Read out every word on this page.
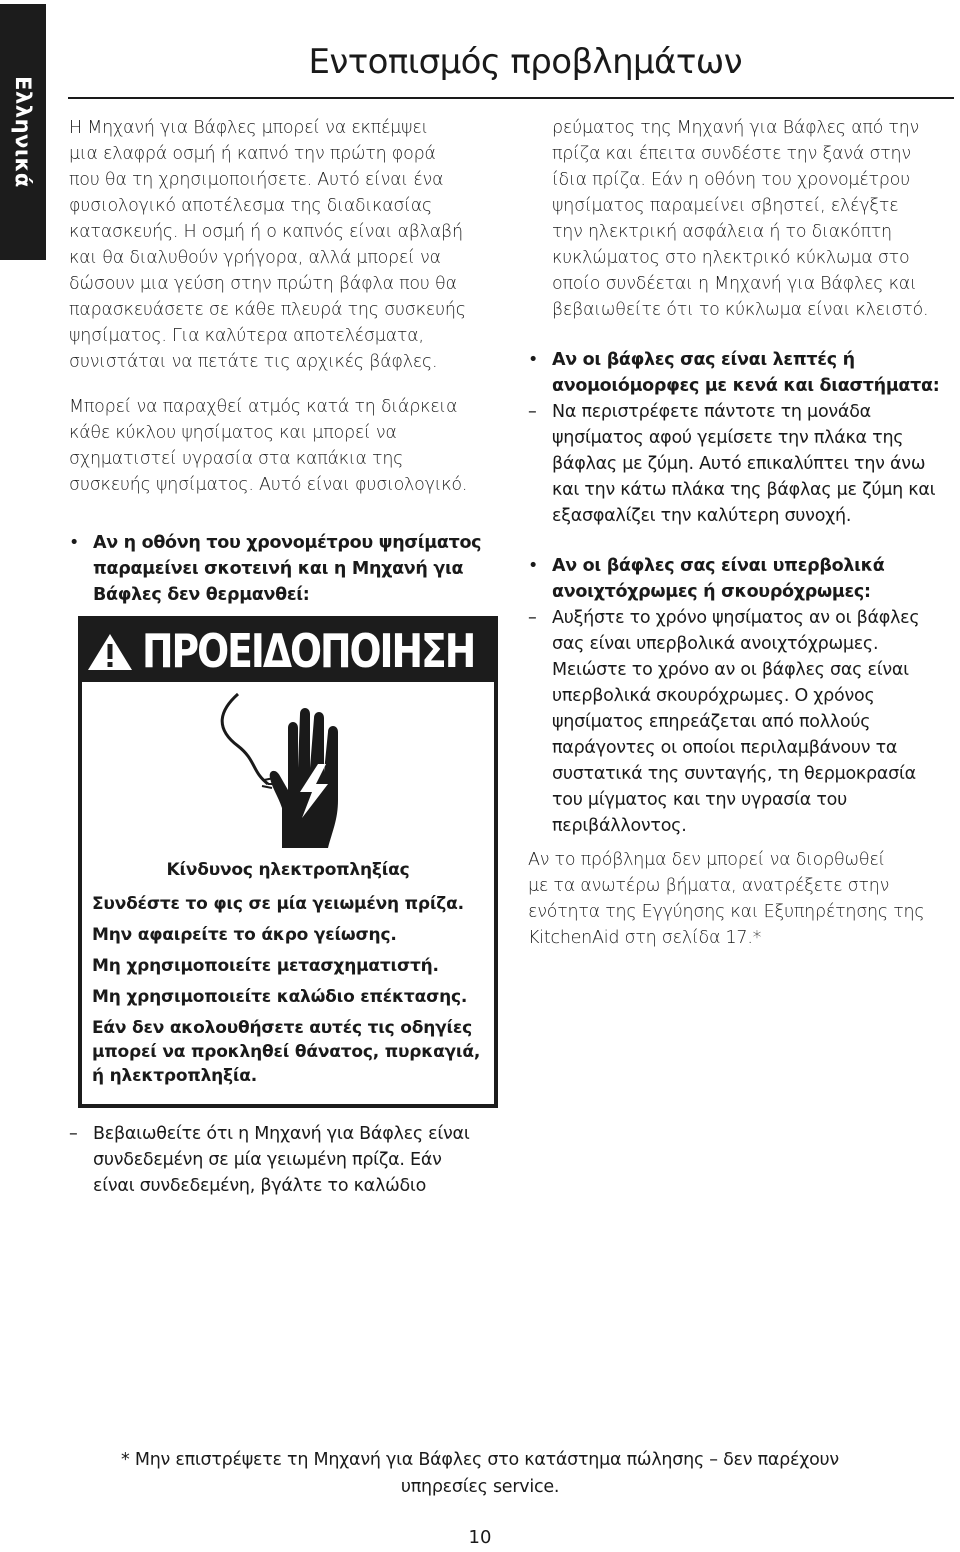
Ελληνικά
Εντοπισμός προβλημάτων

Η Μηχανή για Βάφλες μπορεί να εκπέμψει
μια ελαφρά οσμή ή καπνό την πρώτη φορά
που θα τη χρησιμοποιήσετε. Αυτό είναι ένα
φυσιολογικό αποτέλεσμα της διαδικασίας
κατασκευής. Η οσμή ή ο καπνός είναι αβλαβή
και θα διαλυθούν γρήγορα, αλλά μπορεί να
δώσουν μια γεύση στην πρώτη βάφλα που θα
παρασκευάσετε σε κάθε πλευρά της συσκευής
ψησίματος. Για καλύτερα αποτελέσματα,
συνιστάται να πετάτε τις αρχικές βάφλες.

Μπορεί να παραχθεί ατμός κατά τη διάρκεια
κάθε κύκλου ψησίματος και μπορεί να
σχηματιστεί υγρασία στα καπάκια της
συσκευής ψησίματος. Αυτό είναι φυσιολογικό.

• Αν η οθόνη του χρονομέτρου ψησίματος
παραμείνει σκοτεινή και η Μηχανή για
Βάφλες δεν θερμανθεί:

ΠΡΟΕΙΔΟΠΟΙΗΣΗ
Κίνδυνος ηλεκτροπληξίας
Συνδέστε το φις σε μία γειωμένη πρίζα.
Μην αφαιρείτε το άκρο γείωσης.
Μη χρησιμοποιείτε μετασχηματιστή.
Μη χρησιμοποιείτε καλώδιο επέκτασης.
Εάν δεν ακολουθήσετε αυτές τις οδηγίες
μπορεί να προκληθεί θάνατος, πυρκαγιά,
ή ηλεκτροπληξία.

– Βεβαιωθείτε ότι η Μηχανή για Βάφλες είναι
συνδεδεμένη σε μία γειωμένη πρίζα. Εάν
είναι συνδεδεμένη, βγάλτε το καλώδιο

ρεύματος της Μηχανή για Βάφλες από την
πρίζα και έπειτα συνδέστε την ξανά στην
ίδια πρίζα. Εάν η οθόνη του χρονομέτρου
ψησίματος παραμείνει σβηστεί, ελέγξτε
την ηλεκτρική ασφάλεια ή το διακόπτη
κυκλώματος στο ηλεκτρικό κύκλωμα στο
οποίο συνδέεται η Μηχανή για Βάφλες και
βεβαιωθείτε ότι το κύκλωμα είναι κλειστό.

• Αν οι βάφλες σας είναι λεπτές ή
ανομοιόμορφες με κενά και διαστήματα:

– Να περιστρέφετε πάντοτε τη μονάδα
ψησίματος αφού γεμίσετε την πλάκα της
βάφλας με ζύμη. Αυτό επικαλύπτει την άνω
και την κάτω πλάκα της βάφλας με ζύμη και
εξασφαλίζει την καλύτερη συνοχή.

• Αν οι βάφλες σας είναι υπερβολικά
ανοιχτόχρωμες ή σκουρόχρωμες:

– Αυξήστε το χρόνο ψησίματος αν οι βάφλες
σας είναι υπερβολικά ανοιχτόχρωμες.
Μειώστε το χρόνο αν οι βάφλες σας είναι
υπερβολικά σκουρόχρωμες. Ο χρόνος
ψησίματος επηρεάζεται από πολλούς
παράγοντες οι οποίοι περιλαμβάνουν τα
συστατικά της συνταγής, τη θερμοκρασία
του μίγματος και την υγρασία του
περιβάλλοντος.

Αν το πρόβλημα δεν μπορεί να διορθωθεί
με τα ανωτέρω βήματα, ανατρέξετε στην
ενότητα της Εγγύησης και Εξυπηρέτησης της
KitchenAid στη σελίδα 17.*

* Μην επιστρέψετε τη Μηχανή για Βάφλες στο κατάστημα πώλησης – δεν παρέχουν
υπηρεσίες service.
10
